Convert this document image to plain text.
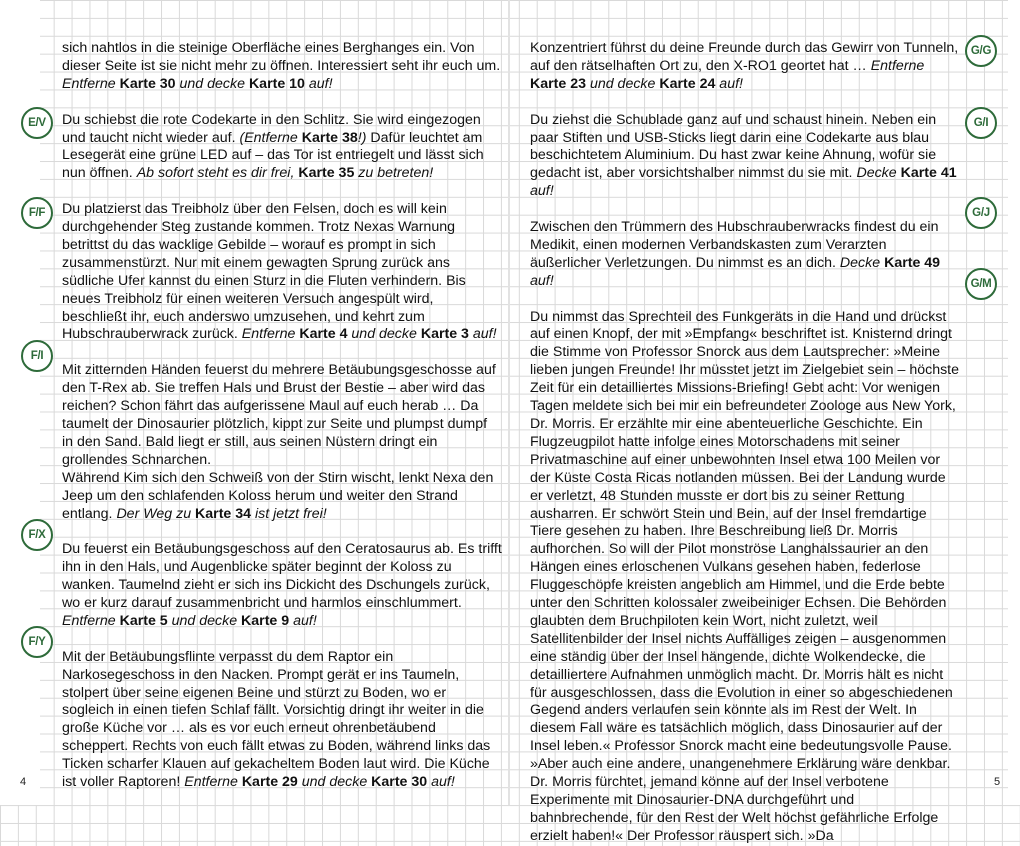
E/V
F/F
F/I
F/X
F/Y
G/G
G/I
G/J
G/M

sich nahtlos in die steinige Oberfläche eines Berghanges ein. Von dieser Seite ist sie nicht mehr zu öffnen. Interessiert seht ihr euch um. Entferne Karte 30 und decke Karte 10 auf!

Du schiebst die rote Codekarte in den Schlitz. Sie wird eingezogen und taucht nicht wieder auf. (Entferne Karte 38!) Dafür leuchtet am Lesegerät eine grüne LED auf – das Tor ist entriegelt und lässt sich nun öffnen. Ab sofort steht es dir frei, Karte 35 zu betreten!

Du platzierst das Treibholz über den Felsen, doch es will kein durchgehender Steg zustande kommen. Trotz Nexas Warnung betrittst du das wacklige Gebilde – worauf es prompt in sich zusammenstürzt. Nur mit einem gewagten Sprung zurück ans südliche Ufer kannst du einen Sturz in die Fluten verhindern. Bis neues Treibholz für einen weiteren Versuch angespült wird, beschließt ihr, euch anderswo umzusehen, und kehrt zum Hubschrauberwrack zurück. Entferne Karte 4 und decke Karte 3 auf!

Mit zitternden Händen feuerst du mehrere Betäubungsgeschosse auf den T-Rex ab. Sie treffen Hals und Brust der Bestie – aber wird das reichen? Schon fährt das aufgerissene Maul auf euch herab … Da taumelt der Dinosaurier plötzlich, kippt zur Seite und plumpst dumpf in den Sand. Bald liegt er still, aus seinen Nüstern dringt ein grollendes Schnarchen.

Während Kim sich den Schweiß von der Stirn wischt, lenkt Nexa den Jeep um den schlafenden Koloss herum und weiter den Strand entlang. Der Weg zu Karte 34 ist jetzt frei!

Du feuerst ein Betäubungsgeschoss auf den Ceratosaurus ab. Es trifft ihn in den Hals, und Augenblicke später beginnt der Koloss zu wanken. Taumelnd zieht er sich ins Dickicht des Dschungels zurück, wo er kurz darauf zusammenbricht und harmlos einschlummert. Entferne Karte 5 und decke Karte 9 auf!

Mit der Betäubungsflinte verpasst du dem Raptor ein Narkosegeschoss in den Nacken. Prompt gerät er ins Taumeln, stolpert über seine eigenen Beine und stürzt zu Boden, wo er sogleich in einen tiefen Schlaf fällt. Vorsichtig dringt ihr weiter in die große Küche vor … als es vor euch erneut ohrenbetäubend scheppert. Rechts von euch fällt etwas zu Boden, während links das Ticken scharfer Klauen auf gekacheltem Boden laut wird. Die Küche ist voller Raptoren! Entferne Karte 29 und decke Karte 30 auf!

Konzentriert führst du deine Freunde durch das Gewirr von Tunneln, auf den rätselhaften Ort zu, den X-RO1 geortet hat … Entferne Karte 23 und decke Karte 24 auf!

Du ziehst die Schublade ganz auf und schaust hinein. Neben ein paar Stiften und USB-Sticks liegt darin eine Codekarte aus blau beschichtetem Aluminium. Du hast zwar keine Ahnung, wofür sie gedacht ist, aber vorsichtshalber nimmst du sie mit. Decke Karte 41 auf!

Zwischen den Trümmern des Hubschrauberwracks findest du ein Medikit, einen modernen Verbandskasten zum Verarzten äußerlicher Verletzungen. Du nimmst es an dich. Decke Karte 49 auf!

Du nimmst das Sprechteil des Funkgeräts in die Hand und drückst auf einen Knopf, der mit »Empfang« beschriftet ist. Knisternd dringt die Stimme von Professor Snorck aus dem Lautsprecher: »Meine lieben jungen Freunde! Ihr müsstet jetzt im Zielgebiet sein – höchste Zeit für ein detailliertes Missions-Briefing! Gebt acht: Vor wenigen Tagen meldete sich bei mir ein befreundeter Zoologe aus New York, Dr. Morris. Er erzählte mir eine abenteuerliche Geschichte. Ein Flugzeugpilot hatte infolge eines Motorschadens mit seiner Privatmaschine auf einer unbewohnten Insel etwa 100 Meilen vor der Küste Costa Ricas notlanden müssen. Bei der Landung wurde er verletzt, 48 Stunden musste er dort bis zu seiner Rettung ausharren. Er schwört Stein und Bein, auf der Insel fremdartige Tiere gesehen zu haben. Ihre Beschreibung ließ Dr. Morris aufhorchen. So will der Pilot monströse Langhalssaurier an den Hängen eines erloschenen Vulkans gesehen haben, federlose Fluggeschöpfe kreisten angeblich am Himmel, und die Erde bebte unter den Schritten kolossaler zweibeiniger Echsen. Die Behörden glaubten dem Bruchpiloten kein Wort, nicht zuletzt, weil Satellitenbilder der Insel nichts Auffälliges zeigen – ausgenommen eine ständig über der Insel hängende, dichte Wolkendecke, die detailliertere Aufnahmen unmöglich macht. Dr. Morris hält es nicht für ausgeschlossen, dass die Evolution in einer so abgeschiedenen Gegend anders verlaufen sein könnte als im Rest der Welt. In diesem Fall wäre es tatsächlich möglich, dass Dinosaurier auf der Insel leben.« Professor Snorck macht eine bedeutungsvolle Pause. »Aber auch eine andere, unangenehmere Erklärung wäre denkbar. Dr. Morris fürchtet, jemand könne auf der Insel verbotene Experimente mit Dinosaurier-DNA durchgeführt und bahnbrechende, für den Rest der Welt höchst gefährliche Erfolge erzielt haben!« Der Professor räuspert sich. »Da

4	5
